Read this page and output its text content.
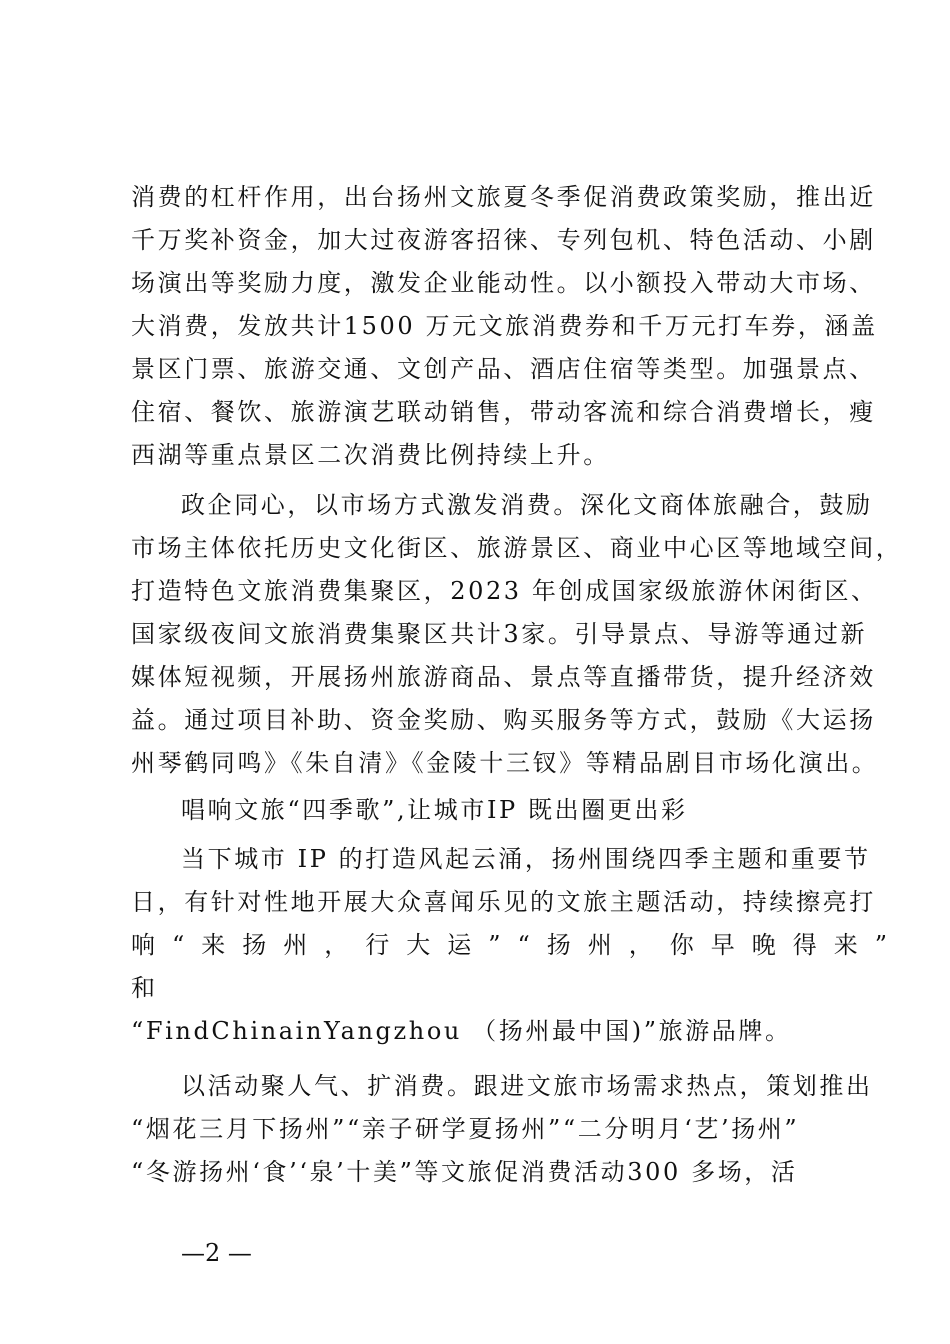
消费的杠杆作用，出台扬州文旅夏冬季促消费政策奖励，推出近
千万奖补资金，加大过夜游客招徕、专列包机、特色活动、小剧
场演出等奖励力度，激发企业能动性。以小额投入带动大市场、
大消费，发放共计1500 万元文旅消费券和千万元打车券，涵盖
景区门票、旅游交通、文创产品、酒店住宿等类型。加强景点、
住宿、餐饮、旅游演艺联动销售，带动客流和综合消费增长，瘦
西湖等重点景区二次消费比例持续上升。
政企同心，以市场方式激发消费。深化文商体旅融合，鼓励
市场主体依托历史文化街区、旅游景区、商业中心区等地域空间，
打造特色文旅消费集聚区，2023 年创成国家级旅游休闲街区、
国家级夜间文旅消费集聚区共计3家。引导景点、导游等通过新
媒体短视频，开展扬州旅游商品、景点等直播带货，提升经济效
益。通过项目补助、资金奖励、购买服务等方式，鼓励《大运扬
州琴鹤同鸣》《朱自清》《金陵十三钗》等精品剧目市场化演出。
唱响文旅“四季歌”,让城市IP 既出圈更出彩
当下城市 IP 的打造风起云涌，扬州围绕四季主题和重要节
日，有针对性地开展大众喜闻乐见的文旅主题活动，持续擦亮打
响“来扬州，行大运”“扬州，你早晚得来”
和
“FindChinainYangzhou （扬州最中国)”旅游品牌。
以活动聚人气、扩消费。跟进文旅市场需求热点，策划推出
“烟花三月下扬州”“亲子研学夏扬州”“二分明月‘艺’扬州”
“冬游扬州‘食’‘泉’十美”等文旅促消费活动300 多场，活
—2 —
